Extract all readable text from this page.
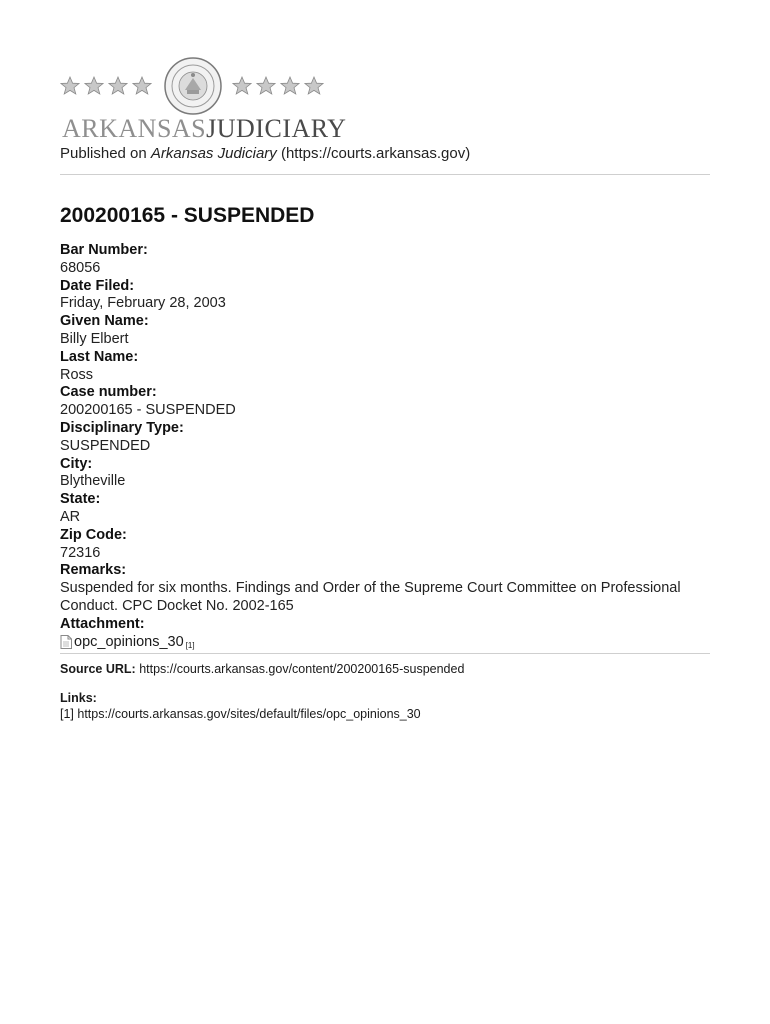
ARKANSASJUDICIARY
Published on Arkansas Judiciary (https://courts.arkansas.gov)
200200165 - SUSPENDED
Bar Number:
68056
Date Filed:
Friday, February 28, 2003
Given Name:
Billy Elbert
Last Name:
Ross
Case number:
200200165 - SUSPENDED
Disciplinary Type:
SUSPENDED
City:
Blytheville
State:
AR
Zip Code:
72316
Remarks:
Suspended for six months. Findings and Order of the Supreme Court Committee on Professional Conduct. CPC Docket No. 2002-165
Attachment:
opc_opinions_30 [1]
Source URL: https://courts.arkansas.gov/content/200200165-suspended
Links:
[1] https://courts.arkansas.gov/sites/default/files/opc_opinions_30
